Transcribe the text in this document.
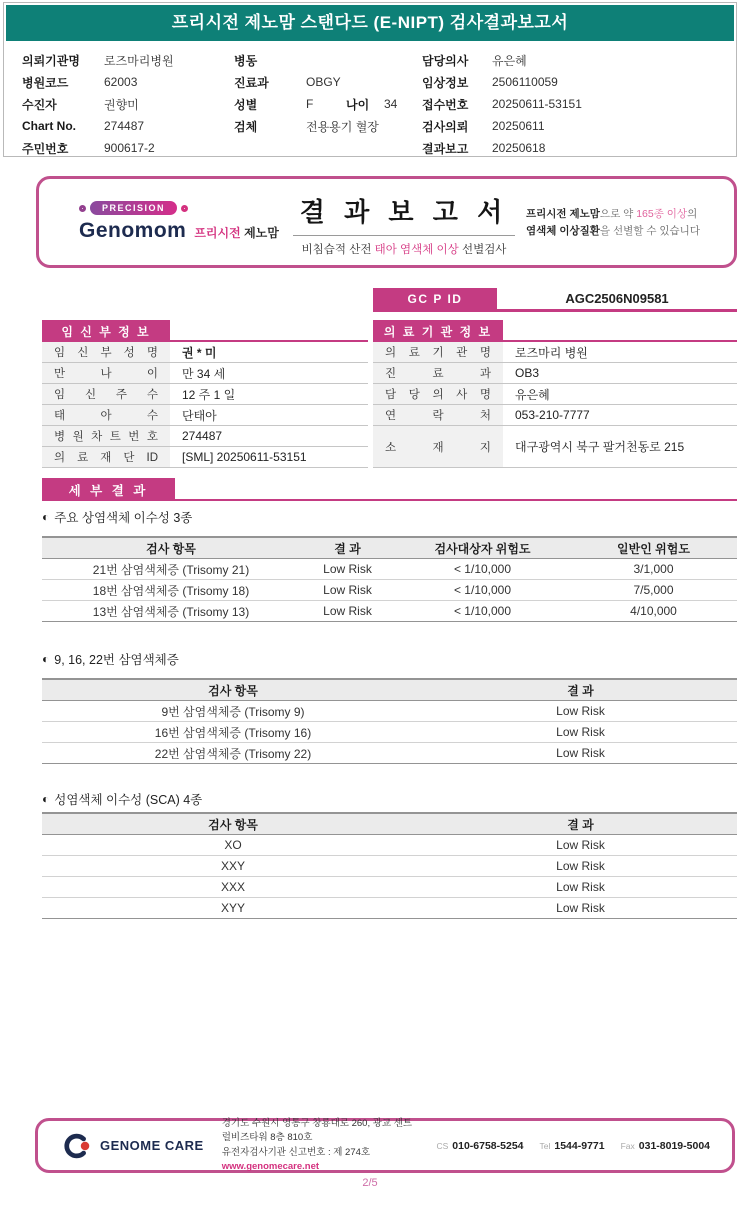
프리시전 제노맘 스탠다드 (E-NIPT) 검사결과보고서
의뢰기관명	로즈마리병원
병원코드	62003
수진자	권향미
Chart No.	274487
주민번호	900617-2
병동
진료과	OBGY
성별	F	나이	34
검체	전용용기 혈장
담당의사	유은혜
임상정보	2506110059
접수번호	20250611-53151
검사의뢰	20250611
결과보고	20250618
PRECISION
Genomom 프리시전 제노맘
결 과 보 고 서
비침습적 산전 태아 염색체 이상 선별검사
프리시전 제노맘으로 약 165종 이상의
염색체 이상질환을 선별할 수 있습니다
GC P ID	AGC2506N09581
임 신 부 정 보
임 신 부 성 명	권 * 미
만 나 이	만 34 세
임 신 주 수	12 주 1 일
태 아 수	단태아
병 원 차 트 번 호	274487
의 료 재 단 ID	[SML] 20250611-53151
의 료 기 관 정 보
의 료 기 관 명	로즈마리 병원
진 료 과	OB3
담 당 의 사 명	유은혜
연 락 처	053-210-7777
소 재 지	대구광역시 북구 팔거천동로 215
세 부 결 과
◐ 주요 상염색체 이수성 3종
검사 항목	결 과	검사대상자 위험도	일반인 위험도
21번 삼염색체증 (Trisomy 21)	Low Risk	< 1/10,000	3/1,000
18번 삼염색체증 (Trisomy 18)	Low Risk	< 1/10,000	7/5,000
13번 삼염색체증 (Trisomy 13)	Low Risk	< 1/10,000	4/10,000
◐ 9, 16, 22번 삼염색체증
검사 항목	결 과
9번 삼염색체증 (Trisomy 9)	Low Risk
16번 삼염색체증 (Trisomy 16)	Low Risk
22번 삼염색체증 (Trisomy 22)	Low Risk
◐ 성염색체 이수성 (SCA) 4종
검사 항목	결 과
XO	Low Risk
XXY	Low Risk
XXX	Low Risk
XYY	Low Risk
GENOME CARE
경기도 수원시 영통구 창룡대로 260, 광교 센트럴비즈타워 8층 810호
유전자검사기관 신고번호 : 제 274호
www.genomecare.net
CS 010-6758-5254 Tel 1544-9771 Fax 031-8019-5004
2/5
